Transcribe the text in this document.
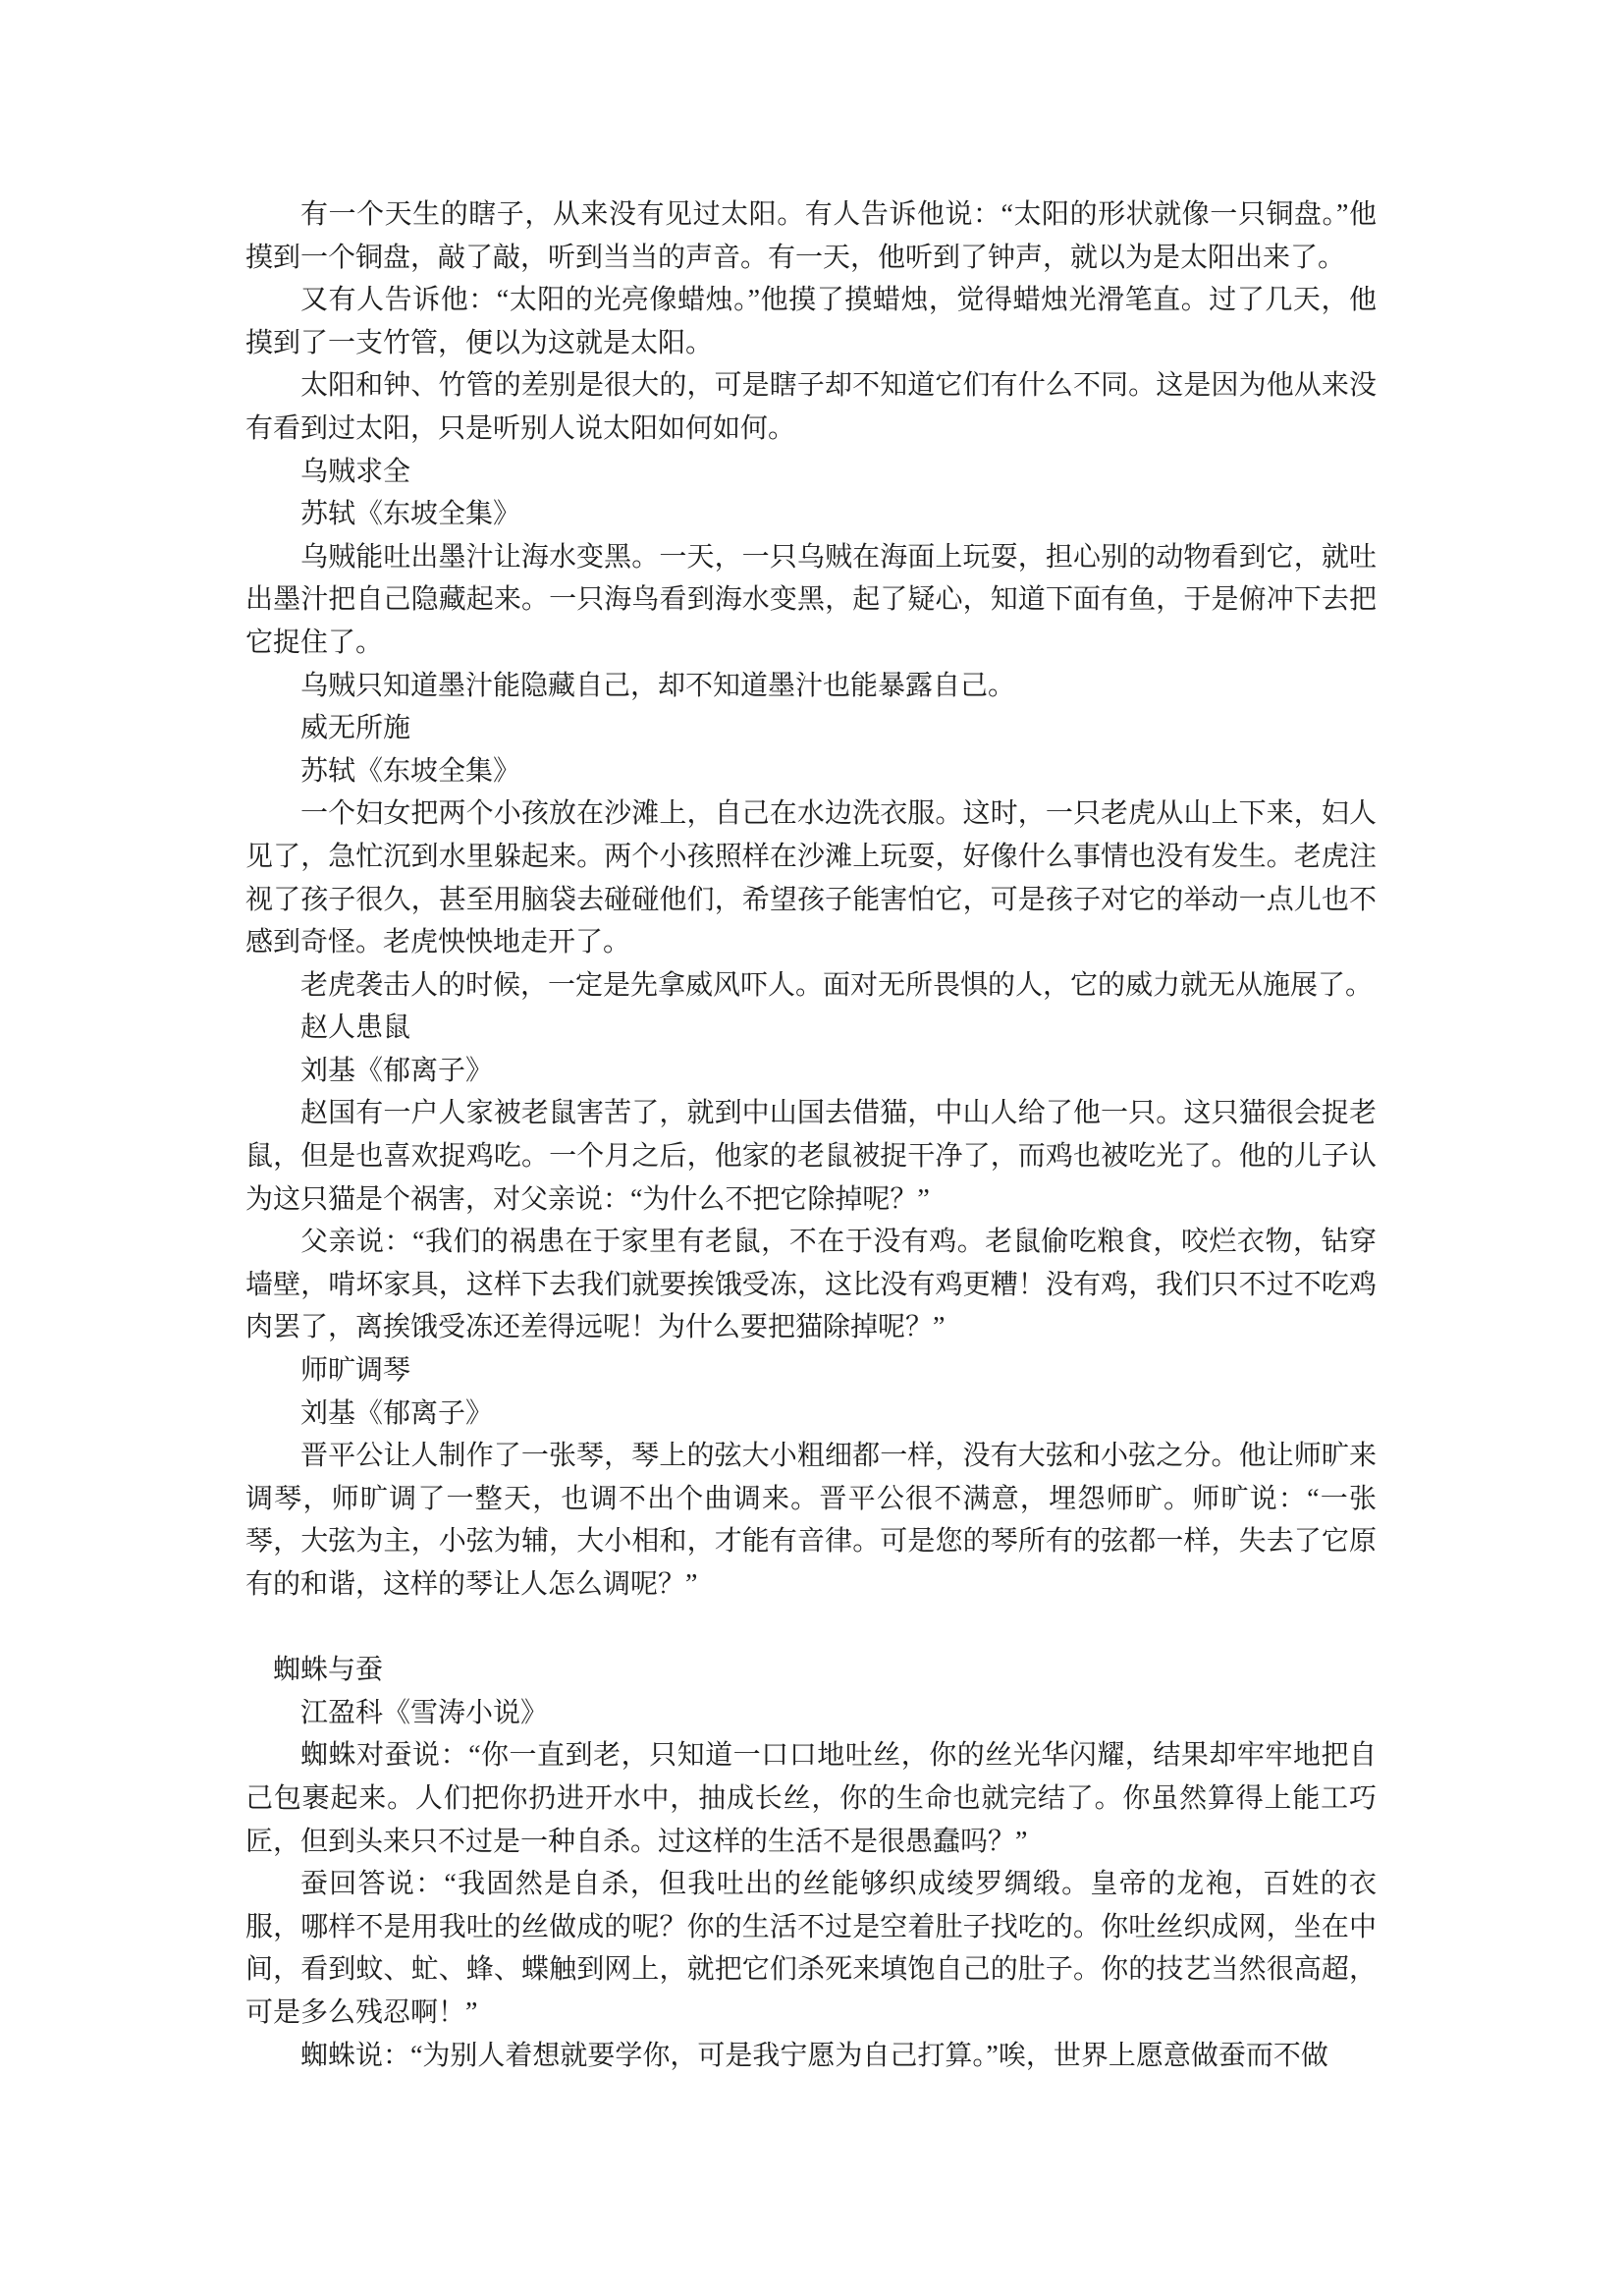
有一个天生的瞎子，从来没有见过太阳。有人告诉他说：“太阳的形状就像一只铜盘。”他摸到一个铜盘，敲了敲，听到当当的声音。有一天，他听到了钟声，就以为是太阳出来了。

又有人告诉他：“太阳的光亮像蜡烛。”他摸了摸蜡烛，觉得蜡烛光滑笔直。过了几天，他摸到了一支竹管，便以为这就是太阳。

太阳和钟、竹管的差别是很大的，可是瞎子却不知道它们有什么不同。这是因为他从来没有看到过太阳，只是听别人说太阳如何如何。

乌贼求全

苏轼《东坡全集》

乌贼能吐出墨汁让海水变黑。一天，一只乌贼在海面上玩耍，担心别的动物看到它，就吐出墨汁把自己隐藏起来。一只海鸟看到海水变黑，起了疑心，知道下面有鱼，于是俯冲下去把它捉住了。

乌贼只知道墨汁能隐藏自己，却不知道墨汁也能暴露自己。

威无所施

苏轼《东坡全集》

一个妇女把两个小孩放在沙滩上，自己在水边洗衣服。这时，一只老虎从山上下来，妇人见了，急忙沉到水里躲起来。两个小孩照样在沙滩上玩耍，好像什么事情也没有发生。老虎注视了孩子很久，甚至用脑袋去碰碰他们，希望孩子能害怕它，可是孩子对它的举动一点儿也不感到奇怪。老虎怏怏地走开了。

老虎袭击人的时候，一定是先拿威风吓人。面对无所畏惧的人，它的威力就无从施展了。

赵人患鼠

刘基《郁离子》

赵国有一户人家被老鼠害苦了，就到中山国去借猫，中山人给了他一只。这只猫很会捉老鼠，但是也喜欢捉鸡吃。一个月之后，他家的老鼠被捉干净了，而鸡也被吃光了。他的儿子认为这只猫是个祸害，对父亲说：“为什么不把它除掉呢？”

父亲说：“我们的祸患在于家里有老鼠，不在于没有鸡。老鼠偷吃粮食，咬烂衣物，钻穿墙壁，啃坏家具，这样下去我们就要挨饿受冻，这比没有鸡更糟！没有鸡，我们只不过不吃鸡肉罢了，离挨饿受冻还差得远呢！为什么要把猫除掉呢？”

师旷调琴

刘基《郁离子》

晋平公让人制作了一张琴，琴上的弦大小粗细都一样，没有大弦和小弦之分。他让师旷来调琴，师旷调了一整天，也调不出个曲调来。晋平公很不满意，埋怨师旷。师旷说：“一张琴，大弦为主，小弦为辅，大小相和，才能有音律。可是您的琴所有的弦都一样，失去了它原有的和谐，这样的琴让人怎么调呢？”

蜘蛛与蚕

江盈科《雪涛小说》

蜘蛛对蚕说：“你一直到老，只知道一口口地吐丝，你的丝光华闪耀，结果却牢牢地把自己包裹起来。人们把你扔进开水中，抽成长丝，你的生命也就完结了。你虽然算得上能工巧匠，但到头来只不过是一种自杀。过这样的生活不是很愚蠢吗？”

蚕回答说：“我固然是自杀，但我吐出的丝能够织成绫罗绸缎。皇帝的龙袍，百姓的衣服，哪样不是用我吐的丝做成的呢？你的生活不过是空着肚子找吃的。你吐丝织成网，坐在中间，看到蚊、虻、蜂、蝶触到网上，就把它们杀死来填饱自己的肚子。你的技艺当然很高超，可是多么残忍啊！”

蜘蛛说：“为别人着想就要学你，可是我宁愿为自己打算。”唉，世界上愿意做蚕而不做
